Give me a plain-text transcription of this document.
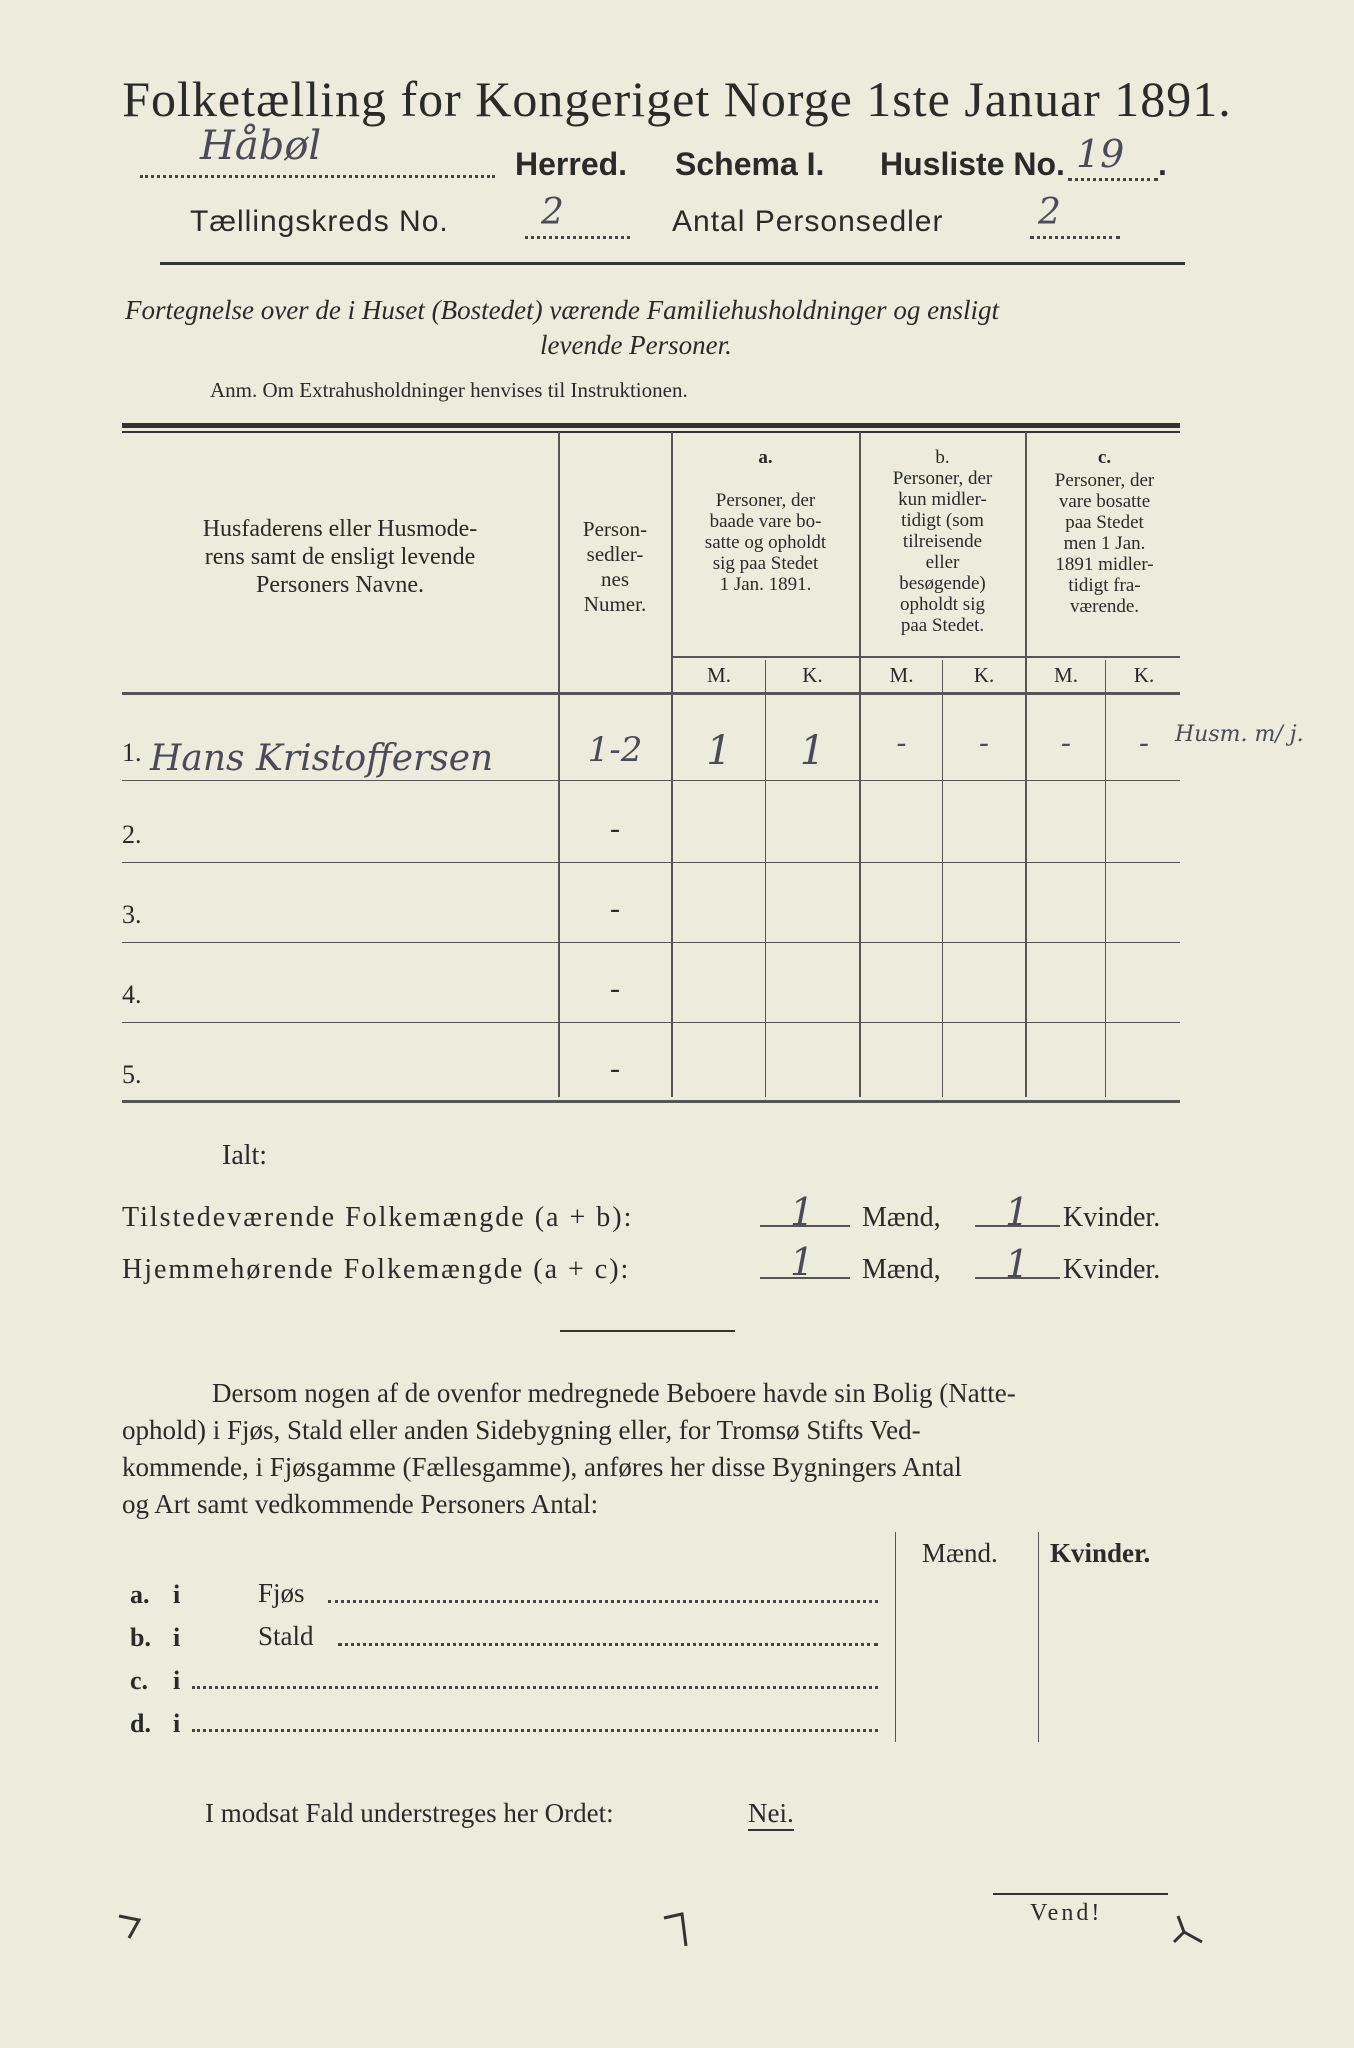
Folketælling for Kongeriget Norge 1ste Januar 1891.
Håbøl	Herred. Schema I. Husliste No. 19 .
Tællingskreds No.	2	Antal Personsedler	2
Fortegnelse over de i Huset (Bostedet) værende Familiehusholdninger og ensligt
levende Personer.
Anm. Om Extrahusholdninger henvises til Instruktionen.
Husfaderens eller Husmode-
rens samt de ensligt levende
Personers Navne.
Person-
sedler-
nes
Numer.
a.
Personer, der
baade vare bo-
satte og opholdt
sig paa Stedet
1 Jan. 1891.
b.
Personer, der
kun midler-
tidigt (som
tilreisende
eller
besøgende)
opholdt sig
paa Stedet.
c.
Personer, der
vare bosatte
paa Stedet
men 1 Jan.
1891 midler-
tidigt fra-
værende.
M.	K.	M.	K.	M.	K.
1. Hans Kristoffersen	1-2	1	1	-	-	-	-	Husm. m/ j.
2.	-
3.	-
4.	-
5.	-
Ialt:
Tilstedeværende Folkemængde (a + b):	1 Mænd, 1 Kvinder.
Hjemmehørende Folkemængde (a + c):	1 Mænd, 1 Kvinder.
Dersom nogen af de ovenfor medregnede Beboere havde sin Bolig (Natte-
ophold) i Fjøs, Stald eller anden Sidebygning eller, for Tromsø Stifts Ved-
kommende, i Fjøsgamme (Fællesgamme), anføres her disse Bygningers Antal
og Art samt vedkommende Personers Antal:
Mænd. Kvinder.
a. i	Fjøs
b. i	Stald
c. i
d. i
I modsat Fald understreges her Ordet:	Nei.
Vend!
